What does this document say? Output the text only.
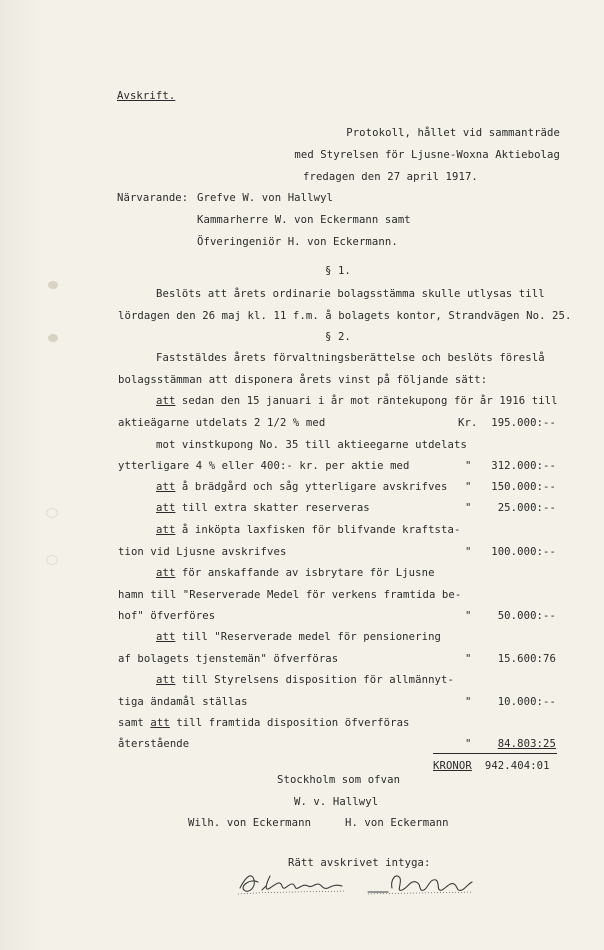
Avskrift.
Protokoll, hållet vid sammanträde
med Styrelsen för Ljusne-Woxna Aktiebolag
fredagen den 27 april 1917.
Närvarande: Grefve W. von Hallwyl
Kammarherre W. von Eckermann samt
Öfveringeniör H. von Eckermann.
§ 1.
Beslöts att årets ordinarie bolagsstämma skulle utlysas till
lördagen den 26 maj kl. 11 f.m. å bolagets kontor, Strandvägen No. 25.
§ 2.
Faststäldes årets förvaltningsberättelse och beslöts föreslå
bolagsstämman att disponera årets vinst på följande sätt:
att sedan den 15 januari i år mot räntekupong för år 1916 till
aktieägarne utdelats 2 1/2 % med	Kr. 195.000:--
mot vinstkupong No. 35 till aktieegarne utdelats
ytterligare 4 % eller 400:- kr. per aktie med	" 312.000:--
att å brädgård och såg ytterligare avskrifves " 150.000:--
att till extra skatter reserveras	" 25.000:--
att å inköpta laxfisken för blifvande kraftsta-
tion vid Ljusne avskrifves	" 100.000:--
att för anskaffande av isbrytare för Ljusne
hamn till "Reserverade Medel för verkens framtida be-
hof" öfverföres	" 50.000:--
att till "Reserverade medel för pensionering
af bolagets tjenstemän" öfverföras	" 15.600:76
att till Styrelsens disposition för allmännyt-
tiga ändamål ställas	" 10.000:--
samt att till framtida disposition öfverföras
återstående	" 84.803:25
KRONOR 942.404:01
Stockholm som ofvan
W. v. Hallwyl
Wilh. von Eckermann	H. von Eckermann
Rätt avskrivet intyga:
